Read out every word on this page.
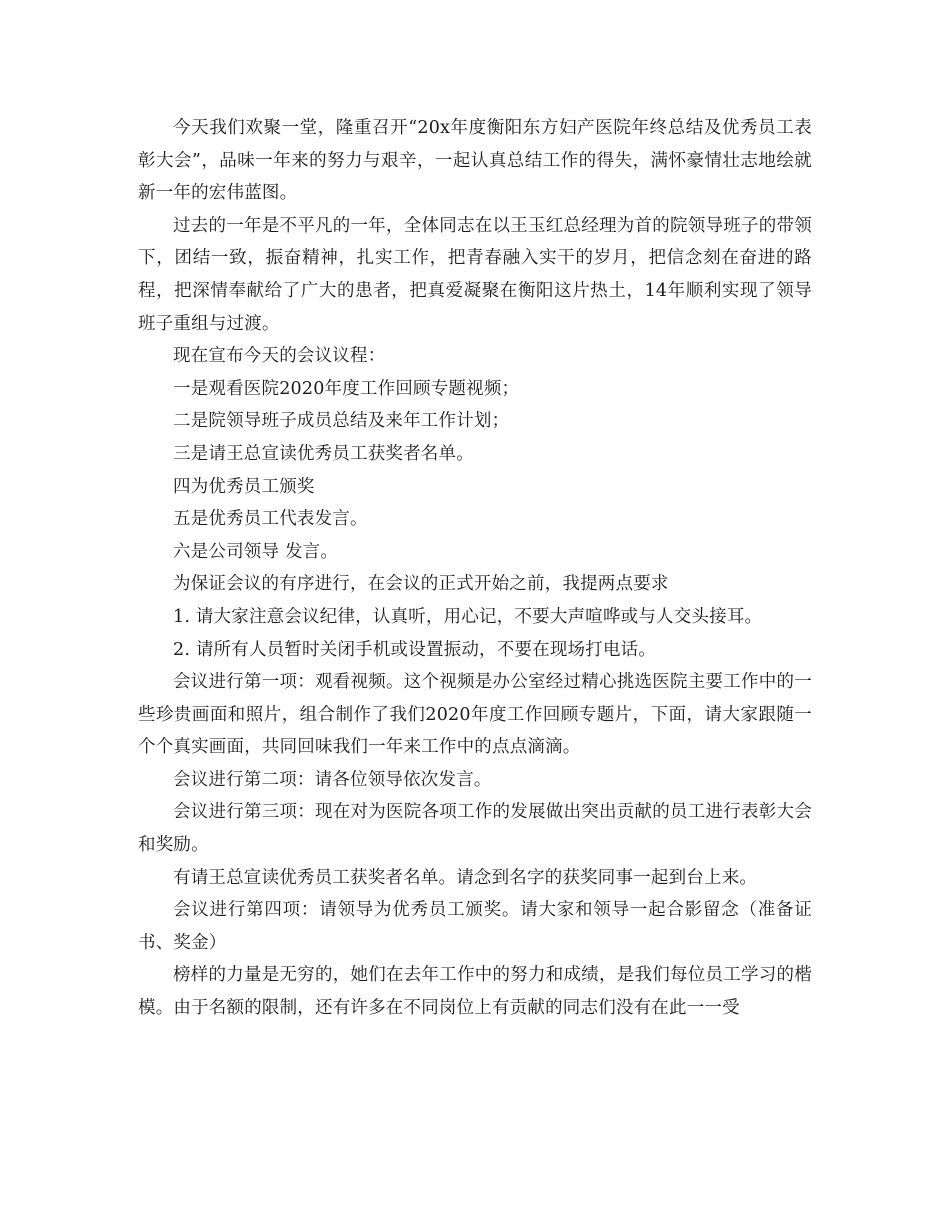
今天我们欢聚一堂，隆重召开“20x年度衡阳东方妇产医院年终总结及优秀员工表彰大会”，品味一年来的努力与艰辛，一起认真总结工作的得失，满怀豪情壮志地绘就新一年的宏伟蓝图。

过去的一年是不平凡的一年，全体同志在以王玉红总经理为首的院领导班子的带领下，团结一致，振奋精神，扎实工作，把青春融入实干的岁月，把信念刻在奋进的路程，把深情奉献给了广大的患者，把真爱凝聚在衡阳这片热土，14年顺利实现了领导班子重组与过渡。

现在宣布今天的会议议程：

一是观看医院2020年度工作回顾专题视频；

二是院领导班子成员总结及来年工作计划；

三是请王总宣读优秀员工获奖者名单。

四为优秀员工颁奖

五是优秀员工代表发言。

六是公司领导 发言。

为保证会议的有序进行，在会议的正式开始之前，我提两点要求

1. 请大家注意会议纪律，认真听，用心记，不要大声喧哗或与人交头接耳。

2. 请所有人员暂时关闭手机或设置振动，不要在现场打电话。

会议进行第一项：观看视频。这个视频是办公室经过精心挑选医院主要工作中的一些珍贵画面和照片，组合制作了我们2020年度工作回顾专题片，下面，请大家跟随一个个真实画面，共同回味我们一年来工作中的点点滴滴。

会议进行第二项：请各位领导依次发言。

会议进行第三项：现在对为医院各项工作的发展做出突出贡献的员工进行表彰大会和奖励。

有请王总宣读优秀员工获奖者名单。请念到名字的获奖同事一起到台上来。

会议进行第四项：请领导为优秀员工颁奖。请大家和领导一起合影留念（准备证书、奖金）

榜样的力量是无穷的，她们在去年工作中的努力和成绩，是我们每位员工学习的楷模。由于名额的限制，还有许多在不同岗位上有贡献的同志们没有在此一一受
